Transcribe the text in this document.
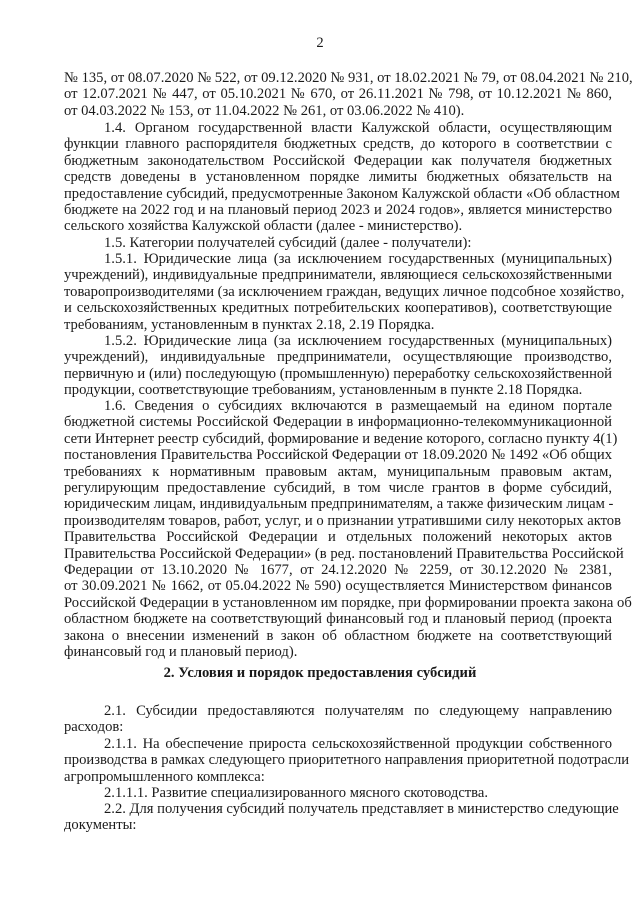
2
№ 135, от 08.07.2020 № 522, от 09.12.2020 № 931, от 18.02.2021 № 79, от 08.04.2021 № 210,
от 12.07.2021 № 447, от 05.10.2021 № 670, от 26.11.2021 № 798, от 10.12.2021 № 860,
от 04.03.2022 № 153, от 11.04.2022 № 261, от 03.06.2022 № 410).
1.4. Органом государственной власти Калужской области, осуществляющим
функции главного распорядителя бюджетных средств, до которого в соответствии с
бюджетным законодательством Российской Федерации как получателя бюджетных
средств доведены в установленном порядке лимиты бюджетных обязательств на
предоставление субсидий, предусмотренные Законом Калужской области «Об областном
бюджете на 2022 год и на плановый период 2023 и 2024 годов», является министерство
сельского хозяйства Калужской области (далее - министерство).
1.5. Категории получателей субсидий (далее - получатели):
1.5.1. Юридические лица (за исключением государственных (муниципальных)
учреждений), индивидуальные предприниматели, являющиеся сельскохозяйственными
товаропроизводителями (за исключением граждан, ведущих личное подсобное хозяйство,
и сельскохозяйственных кредитных потребительских кооперативов), соответствующие
требованиям, установленным в пунктах 2.18, 2.19 Порядка.
1.5.2. Юридические лица (за исключением государственных (муниципальных)
учреждений), индивидуальные предприниматели, осуществляющие производство,
первичную и (или) последующую (промышленную) переработку сельскохозяйственной
продукции, соответствующие требованиям, установленным в пункте 2.18 Порядка.
1.6. Сведения о субсидиях включаются в размещаемый на едином портале
бюджетной системы Российской Федерации в информационно-телекоммуникационной
сети Интернет реестр субсидий, формирование и ведение которого, согласно пункту 4(1)
постановления Правительства Российской Федерации от 18.09.2020 № 1492 «Об общих
требованиях к нормативным правовым актам, муниципальным правовым актам,
регулирующим предоставление субсидий, в том числе грантов в форме субсидий,
юридическим лицам, индивидуальным предпринимателям, а также физическим лицам -
производителям товаров, работ, услуг, и о признании утратившими силу некоторых актов
Правительства Российской Федерации и отдельных положений некоторых актов
Правительства Российской Федерации» (в ред. постановлений Правительства Российской
Федерации от 13.10.2020 № 1677, от 24.12.2020 № 2259, от 30.12.2020 № 2381,
от 30.09.2021 № 1662, от 05.04.2022 № 590) осуществляется Министерством финансов
Российской Федерации в установленном им порядке, при формировании проекта закона об
областном бюджете на соответствующий финансовый год и плановый период (проекта
закона о внесении изменений в закон об областном бюджете на соответствующий
финансовый год и плановый период).
2. Условия и порядок предоставления субсидий
2.1. Субсидии предоставляются получателям по следующему направлению
расходов:
2.1.1. На обеспечение прироста сельскохозяйственной продукции собственного
производства в рамках следующего приоритетного направления приоритетной подотрасли
агропромышленного комплекса:
2.1.1.1. Развитие специализированного мясного скотоводства.
2.2. Для получения субсидий получатель представляет в министерство следующие
документы:
